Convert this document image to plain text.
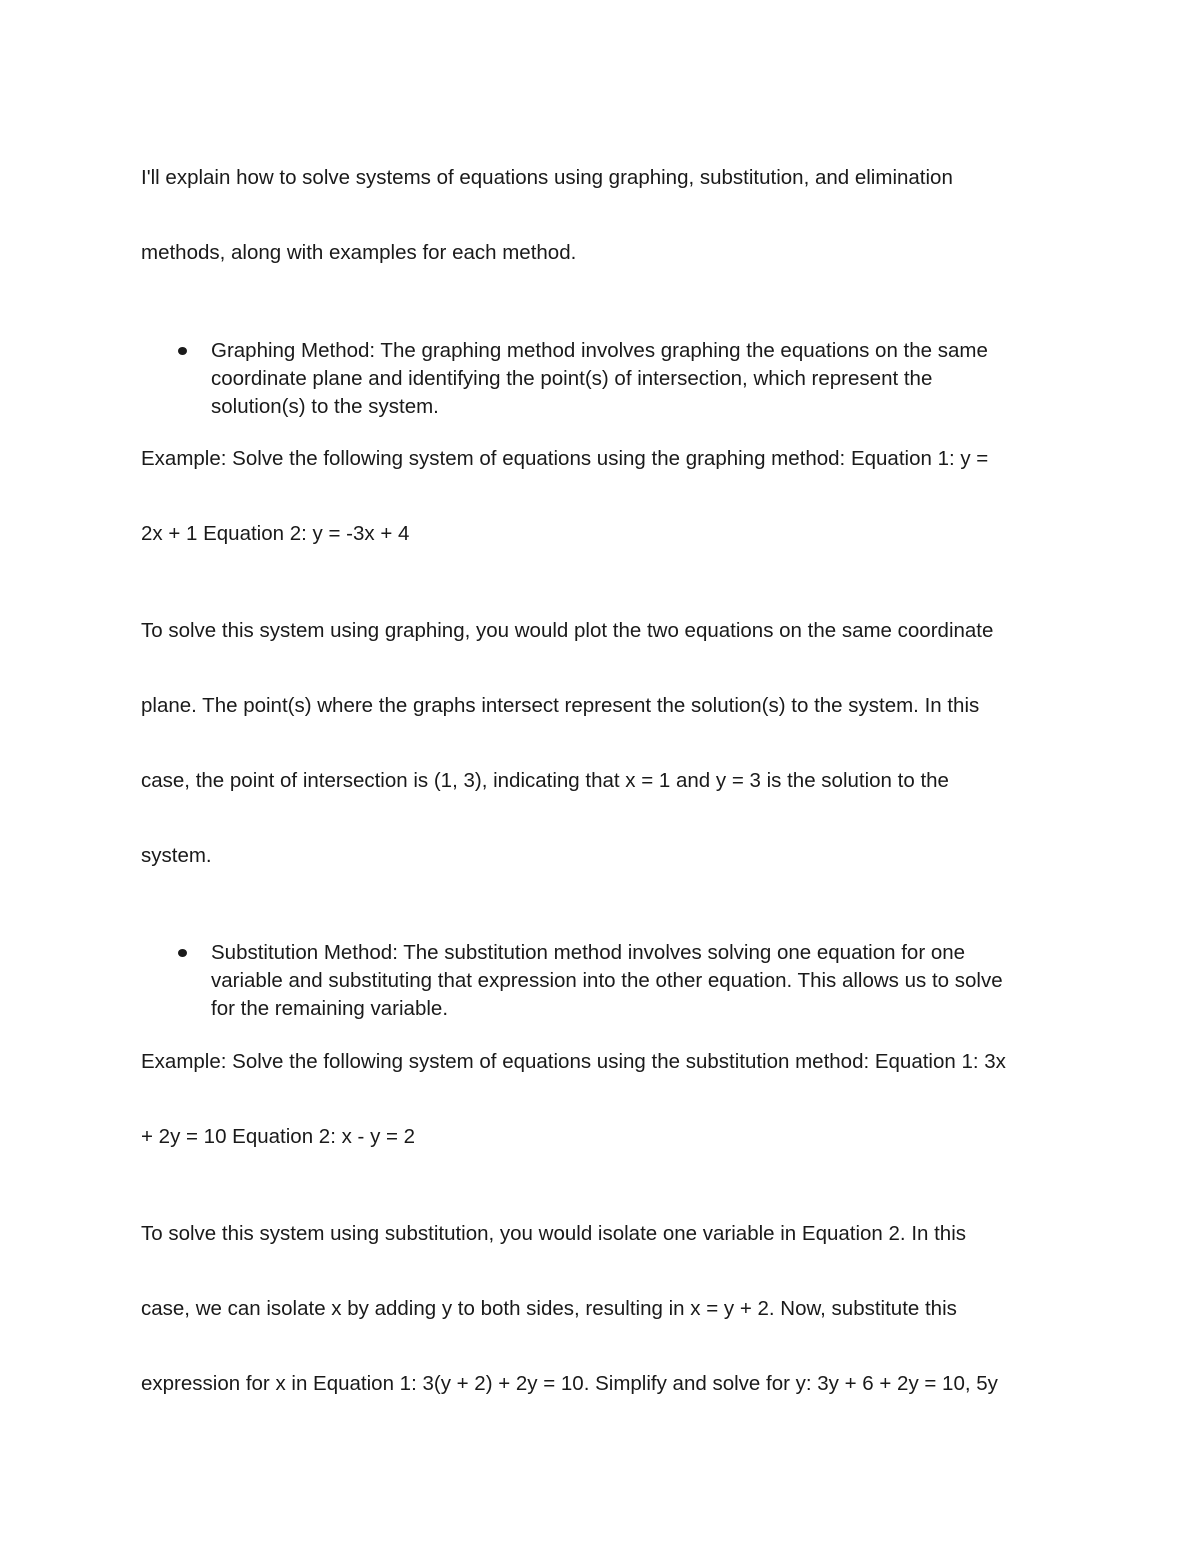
I'll explain how to solve systems of equations using graphing, substitution, and elimination
methods, along with examples for each method.
Graphing Method: The graphing method involves graphing the equations on the same
coordinate plane and identifying the point(s) of intersection, which represent the
solution(s) to the system.
Example: Solve the following system of equations using the graphing method: Equation 1: y =
2x + 1 Equation 2: y = -3x + 4
To solve this system using graphing, you would plot the two equations on the same coordinate
plane. The point(s) where the graphs intersect represent the solution(s) to the system. In this
case, the point of intersection is (1, 3), indicating that x = 1 and y = 3 is the solution to the
system.
Substitution Method: The substitution method involves solving one equation for one
variable and substituting that expression into the other equation. This allows us to solve
for the remaining variable.
Example: Solve the following system of equations using the substitution method: Equation 1: 3x
+ 2y = 10 Equation 2: x - y = 2
To solve this system using substitution, you would isolate one variable in Equation 2. In this
case, we can isolate x by adding y to both sides, resulting in x = y + 2. Now, substitute this
expression for x in Equation 1: 3(y + 2) + 2y = 10. Simplify and solve for y: 3y + 6 + 2y = 10, 5y
